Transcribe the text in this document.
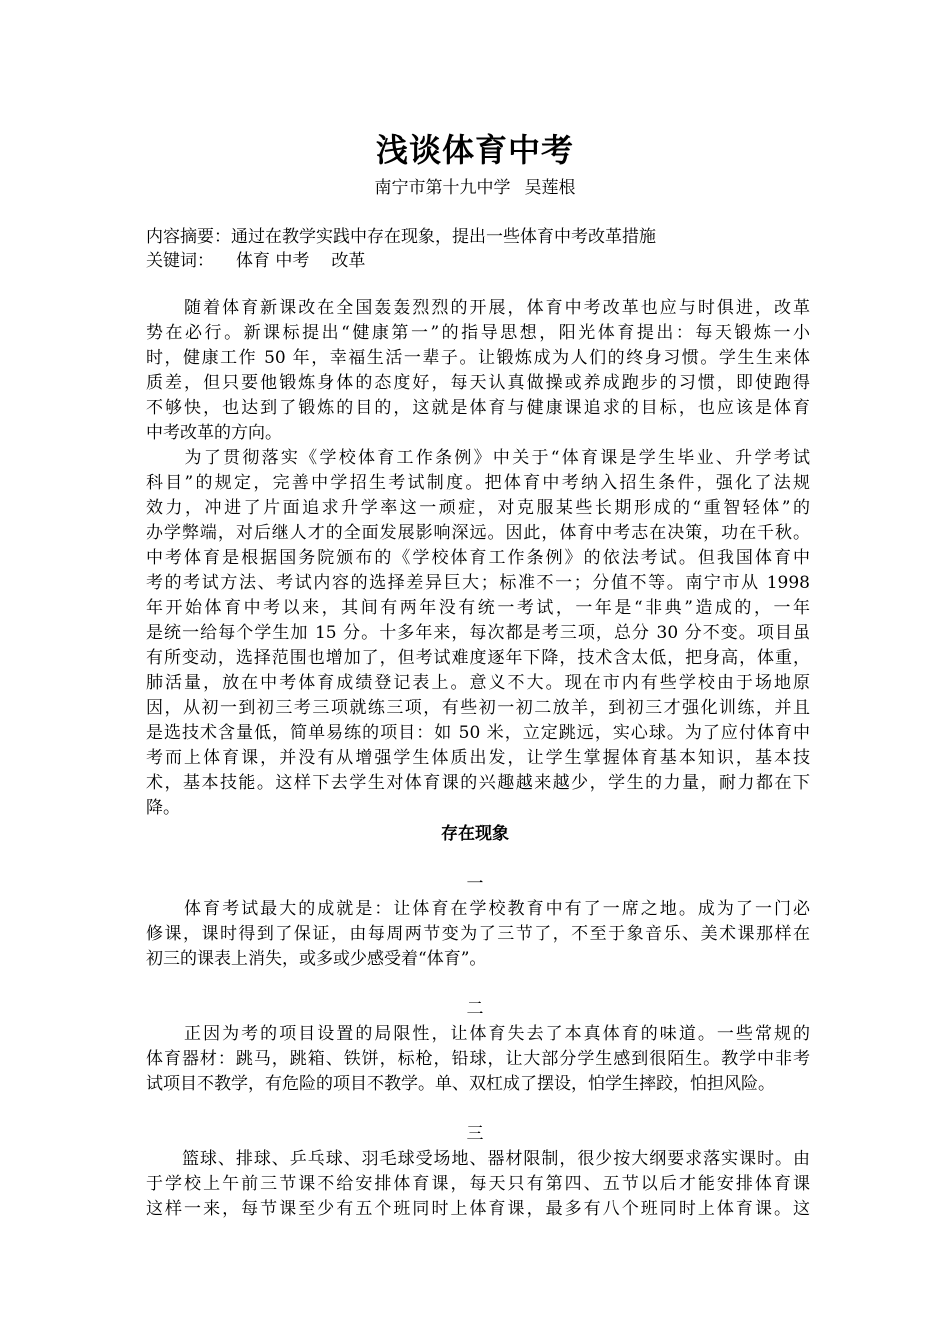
浅谈体育中考
南宁市第十九中学 吴莲根
内容摘要：通过在教学实践中存在现象，提出一些体育中考改革措施
关键词： 体育 中考 改革
　　随着体育新课改在全国轰轰烈烈的开展，体育中考改革也应与时俱进，改革
势在必行。新课标提出“健康第一”的指导思想，阳光体育提出：每天锻炼一小
时，健康工作 50 年，幸福生活一辈子。让锻炼成为人们的终身习惯。学生生来体
质差，但只要他锻炼身体的态度好，每天认真做操或养成跑步的习惯，即使跑得
不够快，也达到了锻炼的目的，这就是体育与健康课追求的目标，也应该是体育
中考改革的方向。
　　为了贯彻落实《学校体育工作条例》中关于“体育课是学生毕业、升学考试
科目”的规定，完善中学招生考试制度。把体育中考纳入招生条件，强化了法规
效力，冲进了片面追求升学率这一顽症，对克服某些长期形成的“重智轻体”的
办学弊端，对后继人才的全面发展影响深远。因此，体育中考志在决策，功在千秋。
中考体育是根据国务院颁布的《学校体育工作条例》的依法考试。但我国体育中
考的考试方法、考试内容的选择差异巨大；标准不一；分值不等。南宁市从 1998
年开始体育中考以来，其间有两年没有统一考试，一年是“非典”造成的，一年
是统一给每个学生加 15 分。十多年来，每次都是考三项，总分 30 分不变。项目虽
有所变动，选择范围也增加了，但考试难度逐年下降，技术含太低，把身高，体重，
肺活量，放在中考体育成绩登记表上。意义不大。现在市内有些学校由于场地原
因，从初一到初三考三项就练三项，有些初一初二放羊，到初三才强化训练，并且
是选技术含量低，简单易练的项目：如 50 米，立定跳远，实心球。为了应付体育中
考而上体育课，并没有从增强学生体质出发，让学生掌握体育基本知识，基本技
术，基本技能。这样下去学生对体育课的兴趣越来越少，学生的力量，耐力都在下
降。
存在现象
一
　　体育考试最大的成就是：让体育在学校教育中有了一席之地。成为了一门必
修课，课时得到了保证，由每周两节变为了三节了，不至于象音乐、美术课那样在
初三的课表上消失，或多或少感受着“体育”。
二
　　正因为考的项目设置的局限性，让体育失去了本真体育的味道。一些常规的
体育器材：跳马，跳箱、铁饼，标枪，铅球，让大部分学生感到很陌生。教学中非考
试项目不教学，有危险的项目不教学。单、双杠成了摆设，怕学生摔跤，怕担风险。
三
　　篮球、排球、乒乓球、羽毛球受场地、器材限制，很少按大纲要求落实课时。由
于学校上午前三节课不给安排体育课，每天只有第四、五节以后才能安排体育课
这样一来，每节课至少有五个班同时上体育课，最多有八个班同时上体育课。这
